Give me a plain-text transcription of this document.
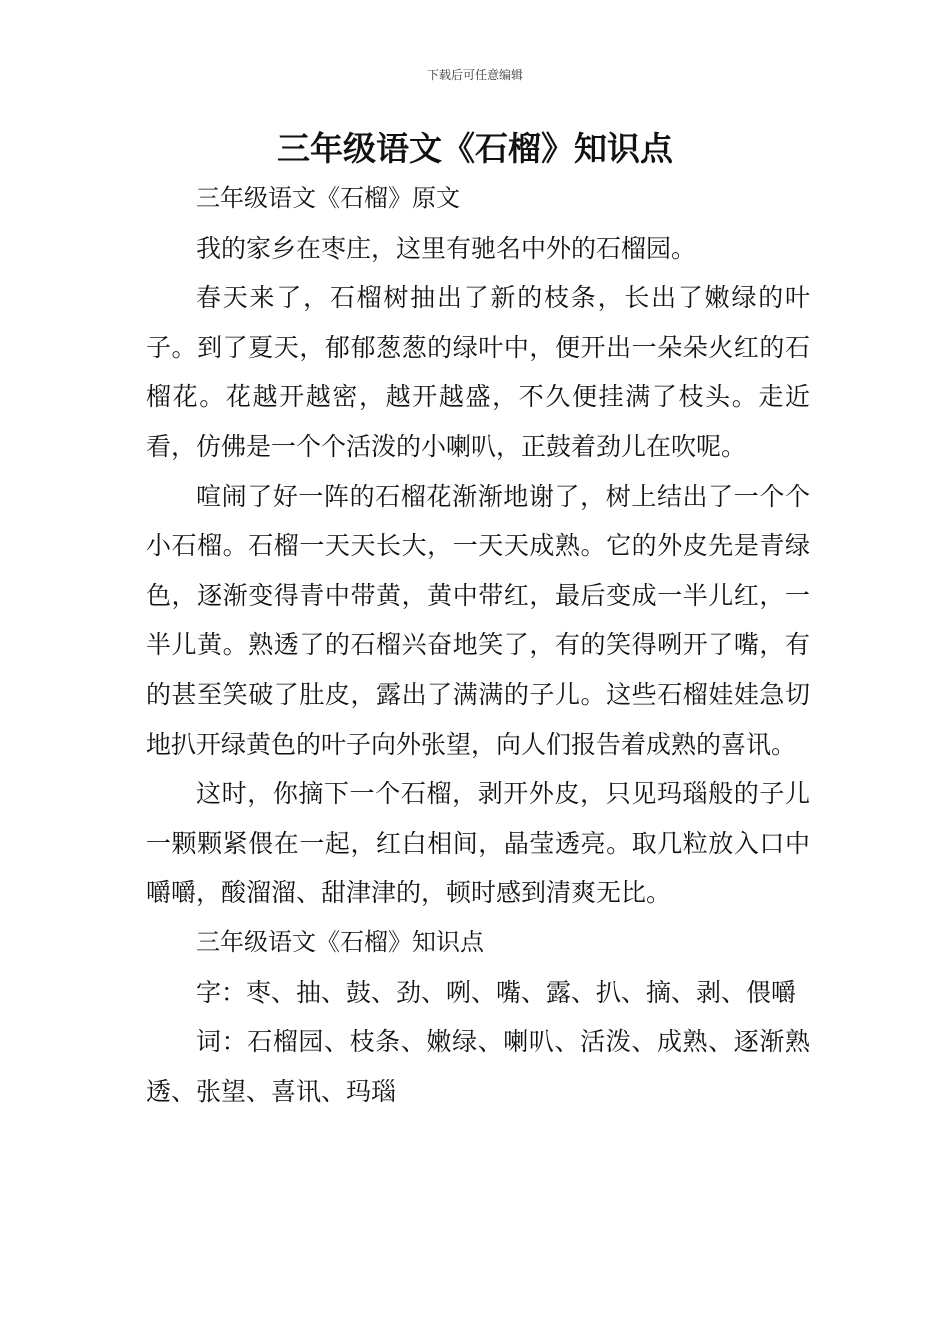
下载后可任意编辑
三年级语文《石榴》知识点

三年级语文《石榴》原文

我的家乡在枣庄，这里有驰名中外的石榴园。

春天来了，石榴树抽出了新的枝条，长出了嫩绿的叶子。到了夏天，郁郁葱葱的绿叶中，便开出一朵朵火红的石榴花。花越开越密，越开越盛，不久便挂满了枝头。走近看，仿佛是一个个活泼的小喇叭，正鼓着劲儿在吹呢。

喧闹了好一阵的石榴花渐渐地谢了，树上结出了一个个小石榴。石榴一天天长大，一天天成熟。它的外皮先是青绿色，逐渐变得青中带黄，黄中带红，最后变成一半儿红，一半儿黄。熟透了的石榴兴奋地笑了，有的笑得咧开了嘴，有的甚至笑破了肚皮，露出了满满的子儿。这些石榴娃娃急切地扒开绿黄色的叶子向外张望，向人们报告着成熟的喜讯。

这时，你摘下一个石榴，剥开外皮，只见玛瑙般的子儿一颗颗紧偎在一起，红白相间，晶莹透亮。取几粒放入口中嚼嚼，酸溜溜、甜津津的，顿时感到清爽无比。

三年级语文《石榴》知识点

字：枣、抽、鼓、劲、咧、嘴、露、扒、摘、剥、偎嚼

词：石榴园、枝条、嫩绿、喇叭、活泼、成熟、逐渐熟透、张望、喜讯、玛瑙
